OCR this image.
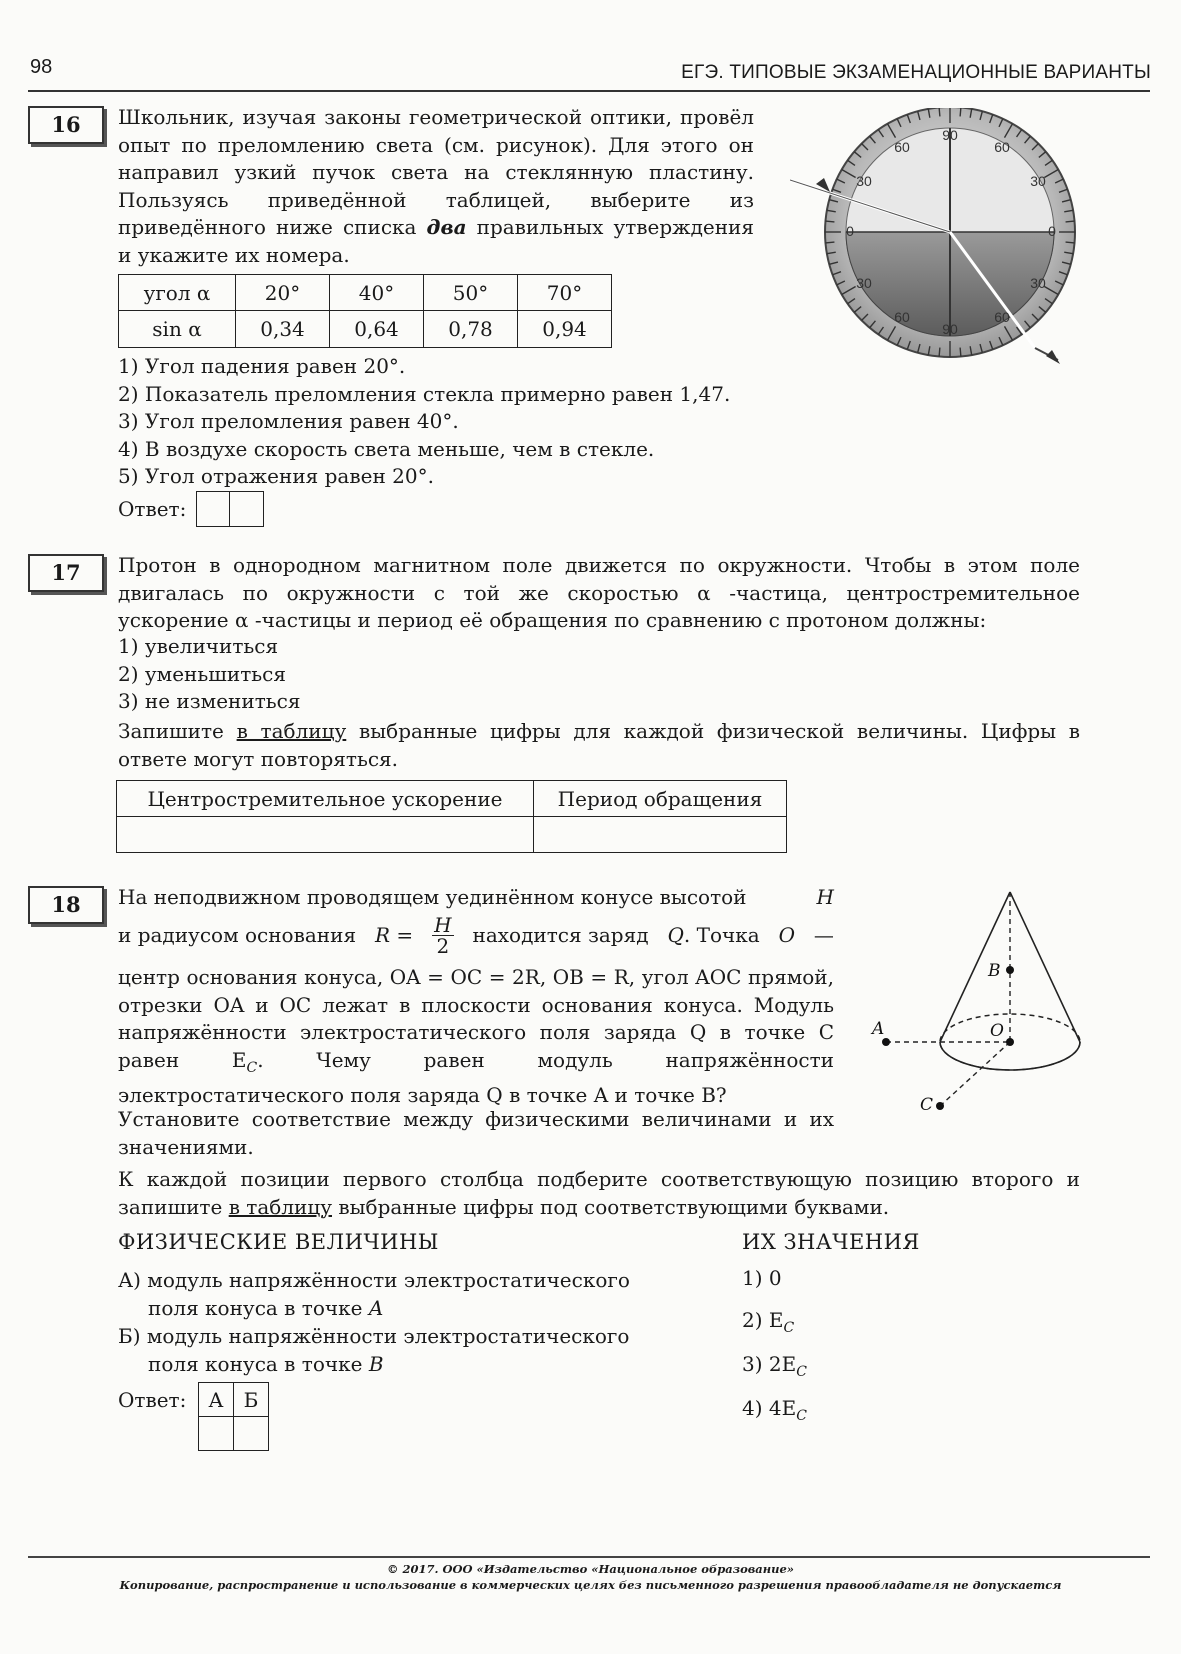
98	ЕГЭ. ТИПОВЫЕ ЭКЗАМЕНАЦИОННЫЕ ВАРИАНТЫ
16	Школьник, изучая законы геометрической оптики, провёл опыт по преломлению света (см. рисунок). Для этого он направил узкий пучок света на стеклянную пластину. Пользуясь приведённой таблицей, выберите из приведённого ниже списка два правильных утверждения и укажите их номера.

угол α	20°	40°	50°	70°
sin α	0,34	0,64	0,78	0,94

1) Угол падения равен 20°.

2) Показатель преломления стекла примерно равен 1,47.

3) Угол преломления равен 40°.

4) В воздухе скорость света меньше, чем в стекле.

5) Угол отражения равен 20°.

Ответ:
90
60	60
30	30
0	0
30	30
60	60
90
17	Протон в однородном магнитном поле движется по окружности. Чтобы в этом поле двигалась по окружности с той же скоростью α -частица, центростремительное ускорение α -частицы и период её обращения по сравнению с протоном должны:

1) увеличиться

2) уменьшиться

3) не измениться

Запишите в таблицу выбранные цифры для каждой физической величины. Цифры в ответе могут повторяться.

Центростремительное ускорение	Период обращения

18	На неподвижном проводящем уединённом конусе высотой	H
и радиусом основания $R = \frac{H}{2}$ находится заряд Q. Точка O —

центр основания конуса, OA = OC = 2R, OB = R, угол AOC прямой, отрезки OA и OC лежат в плоскости основания конуса. Модуль напряжённости электростатического поля заряда Q в точке C равен $E_C$. Чему равен модуль напряжённости электростатического поля заряда Q в точке A и точке B?

Установите соответствие между физическими величинами и их значениями.

К каждой позиции первого столбца подберите соответствующую позицию второго и запишите в таблицу выбранные цифры под соответствующими буквами.

B
A	O
C
ФИЗИЧЕСКИЕ ВЕЛИЧИНЫ	ИХ ЗНАЧЕНИЯ
А) модуль напряжённости электростатического
поля конуса в точке A
Б) модуль напряжённости электростатического
поля конуса в точке B
1) 0
2) $E_C$
3) $2E_C$
4) $4E_C$
Ответ: А	Б

© 2017. ООО «Издательство «Национальное образование»
Копирование, распространение и использование в коммерческих целях без письменного разрешения правообладателя не допускается
